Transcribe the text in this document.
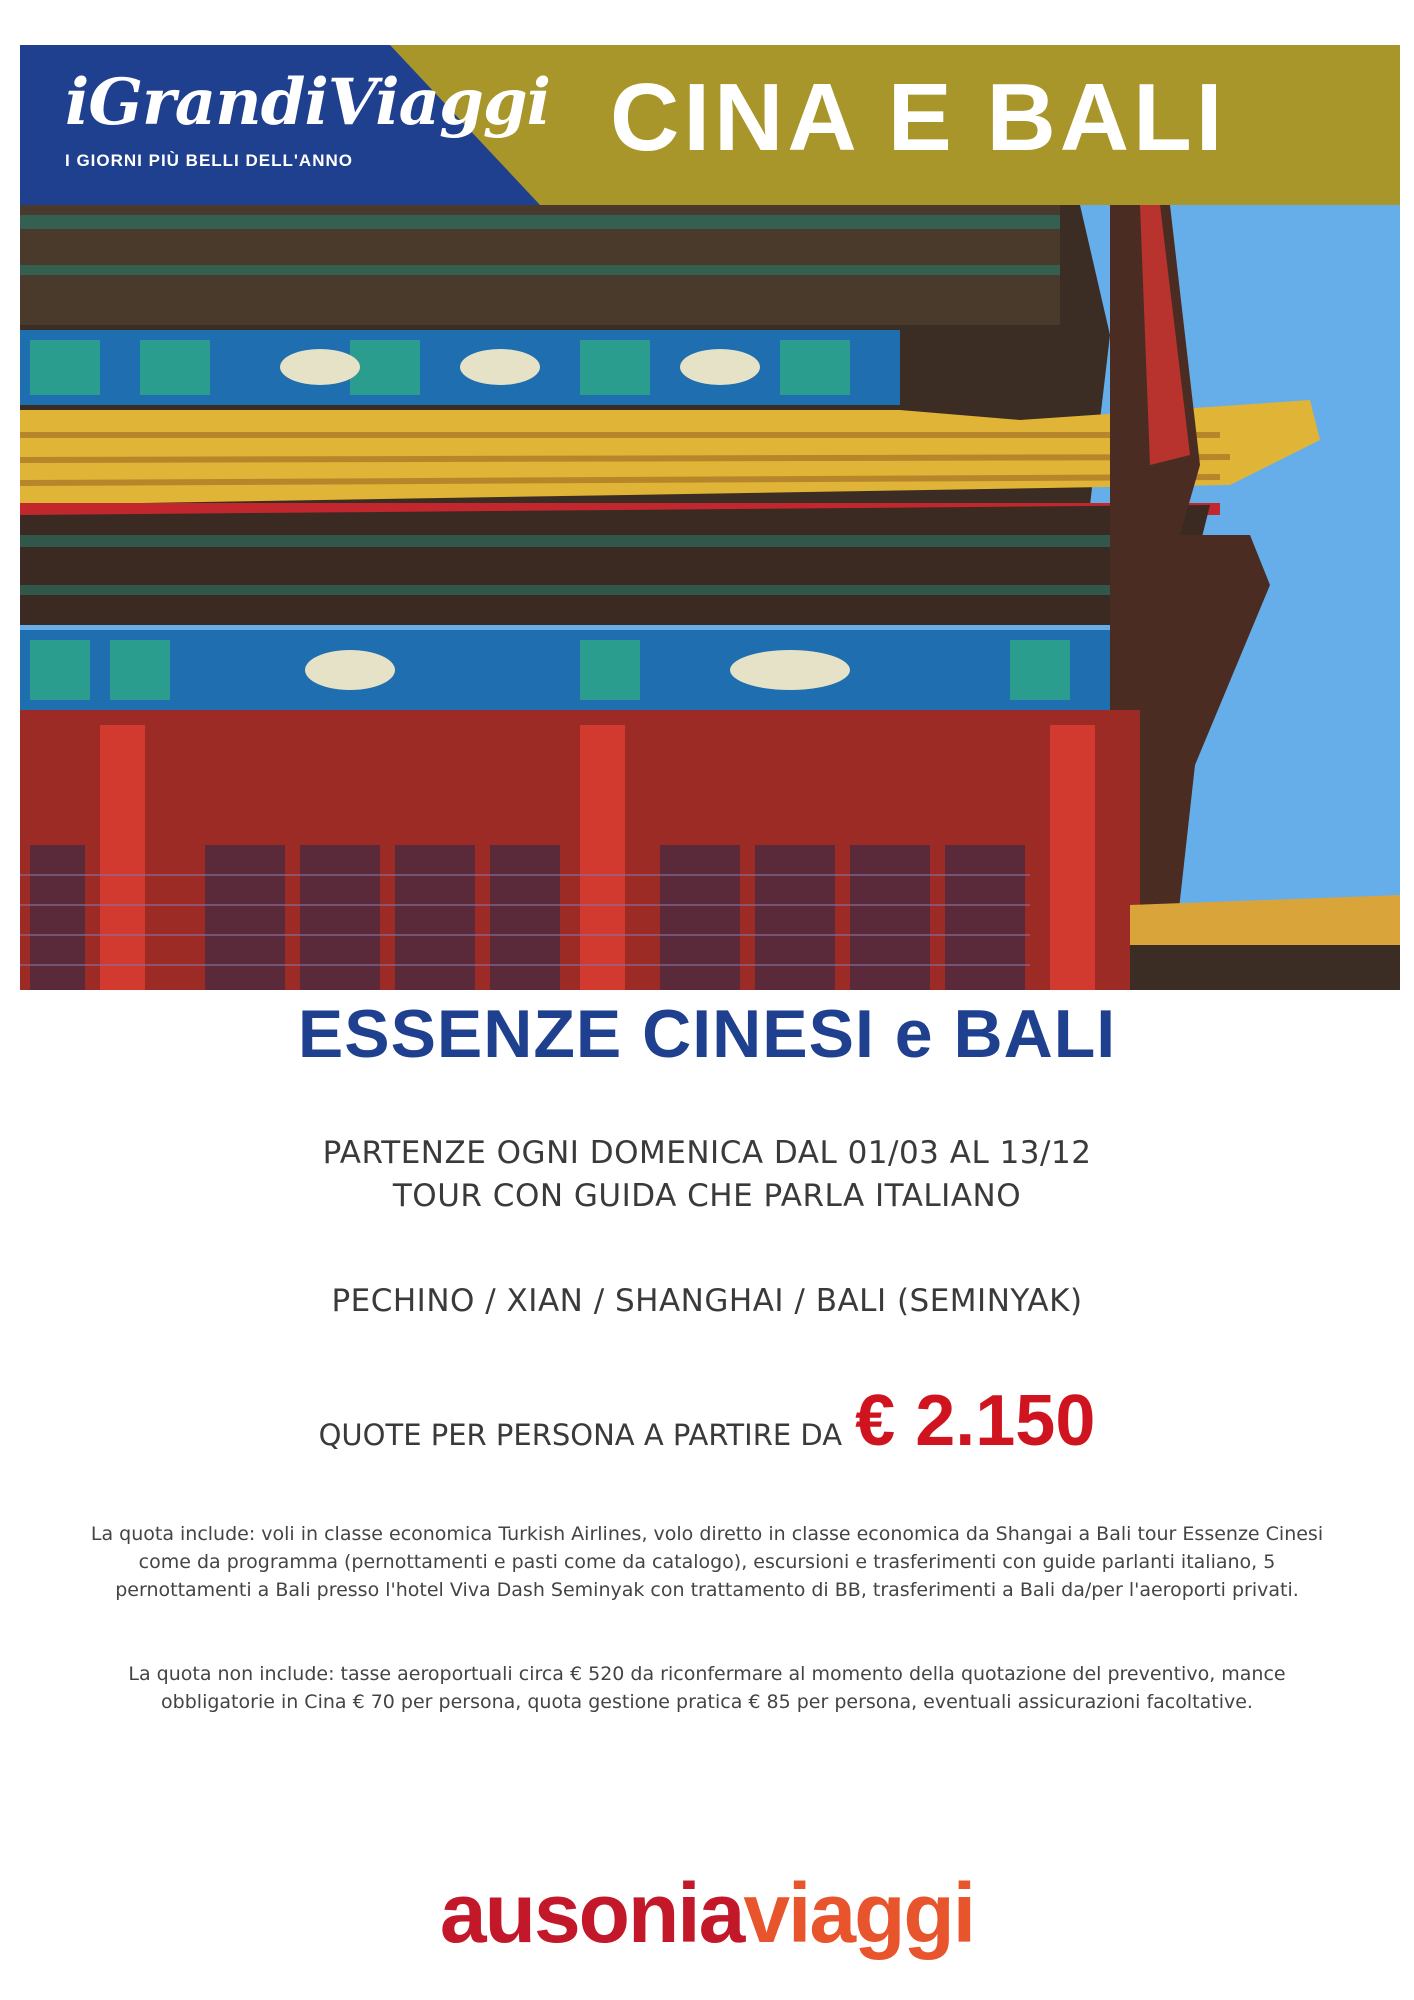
iGrandiViaggi
I GIORNI PIÙ BELLI DELL'ANNO	CINA E BALI
ESSENZE CINESI e BALI
PARTENZE OGNI DOMENICA DAL 01/03 AL 13/12
TOUR CON GUIDA CHE PARLA ITALIANO
PECHINO / XIAN / SHANGHAI / BALI (SEMINYAK)
QUOTE PER PERSONA A PARTIRE DA € 2.150
La quota include: voli in classe economica Turkish Airlines, volo diretto in classe economica da Shangai a Bali tour Essenze Cinesi come da programma (pernottamenti e pasti come da catalogo), escursioni e trasferimenti con guide parlanti italiano, 5 pernottamenti a Bali presso l'hotel Viva Dash Seminyak con trattamento di BB, trasferimenti a Bali da/per l'aeroporti privati.
La quota non include: tasse aeroportuali circa € 520 da riconfermare al momento della quotazione del preventivo, mance obbligatorie in Cina € 70 per persona, quota gestione pratica € 85 per persona, eventuali assicurazioni facoltative.
ausoniaviaggi
